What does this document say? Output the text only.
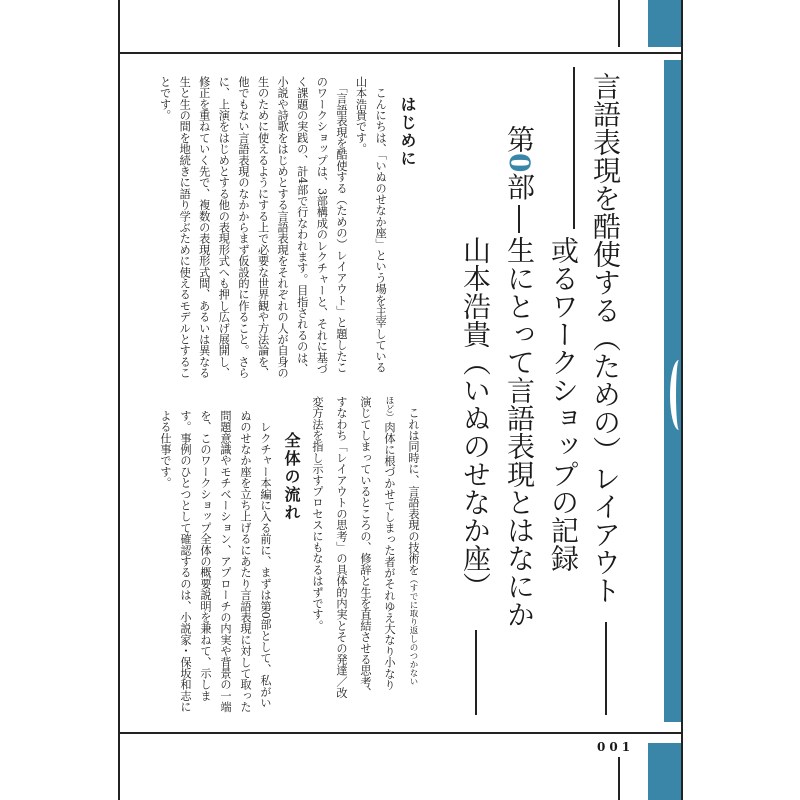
001
言語表現を酷使する（ための）レイアウト
或るワークショップの記録
第0部
生にとって言語表現とはなにか
山本浩貴（いぬのせなか座）
はじめに
　こんにちは、「いぬのせなか座」という場を主宰している
山本浩貴です。
　「言語表現を酷使する（ための）レイアウト」と題したこ
のワークショップは、3部構成のレクチャーと、それに基づ
く課題の実践の、計4部で行なわれます。目指されるのは、
小説や詩歌をはじめとする言語表現をそれぞれの人が自身の
生のために使えるようにする上で必要な世界観や方法論を、
他でもない言語表現のなかからまず仮設的に作ること。さら
に、上演をはじめとする他の表現形式へも押し広げ展開し、
修正を重ねていく先で、複数の表現形式間、あるいは異なる
生と生の間を地続きに語り学ぶために使えるモデルとするこ
とです。
　これは同時に、言語表現の技術を（すでに取り返しのつかない
ほど）肉体に根づかせてしまった者がそれゆえ大なり小なり
演じてしまっているところの、修辞と生を直結させる思考、
すなわち「レイアウトの思考」の具体的内実とその発達／改
変方法を指し示すプロセスにもなるはずです。
全体の流れ
　レクチャー本編に入る前に、まずは第0部として、私がい
ぬのせなか座を立ち上げるにあたり言語表現に対して取った
問題意識やモチベーション、アプローチの内実や背景の一端
を、このワークショップ全体の概要説明を兼ねて、示しま
す。事例のひとつとして確認するのは、小説家・保坂和志に
よる仕事です。
